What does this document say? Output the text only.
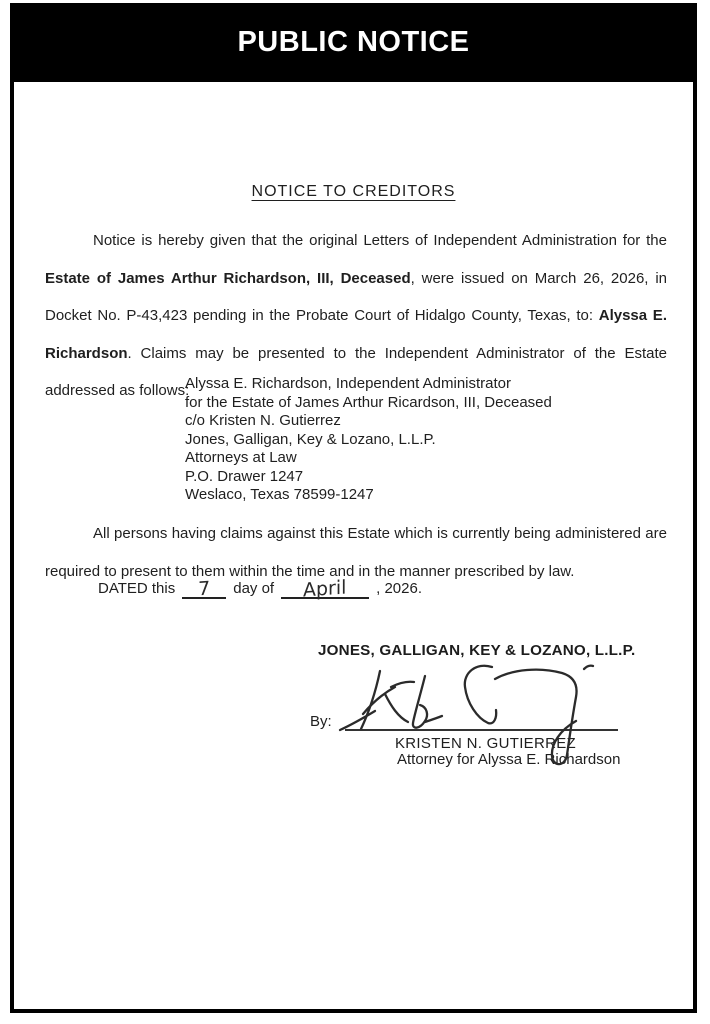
PUBLIC NOTICE
NOTICE TO CREDITORS

Notice is hereby given that the original Letters of Independent Administration for the Estate of James Arthur Richardson, III, Deceased, were issued on March 26, 2026, in Docket No. P-43,423 pending in the Probate Court of Hidalgo County, Texas, to: Alyssa E. Richardson. Claims may be presented to the Independent Administrator of the Estate addressed as follows:

Alyssa E. Richardson, Independent Administrator
for the Estate of James Arthur Ricardson, III, Deceased
c/o Kristen N. Gutierrez
Jones, Galligan, Key & Lozano, L.L.P.
Attorneys at Law
P.O. Drawer 1247
Weslaco, Texas 78599-1247

All persons having claims against this Estate which is currently being administered are required to present to them within the time and in the manner prescribed by law.

DATED this	7	day of	April	, 2026.
JONES, GALLIGAN, KEY & LOZANO, L.L.P.
By:
KRISTEN N. GUTIERREZ
Attorney for Alyssa E. Richardson
